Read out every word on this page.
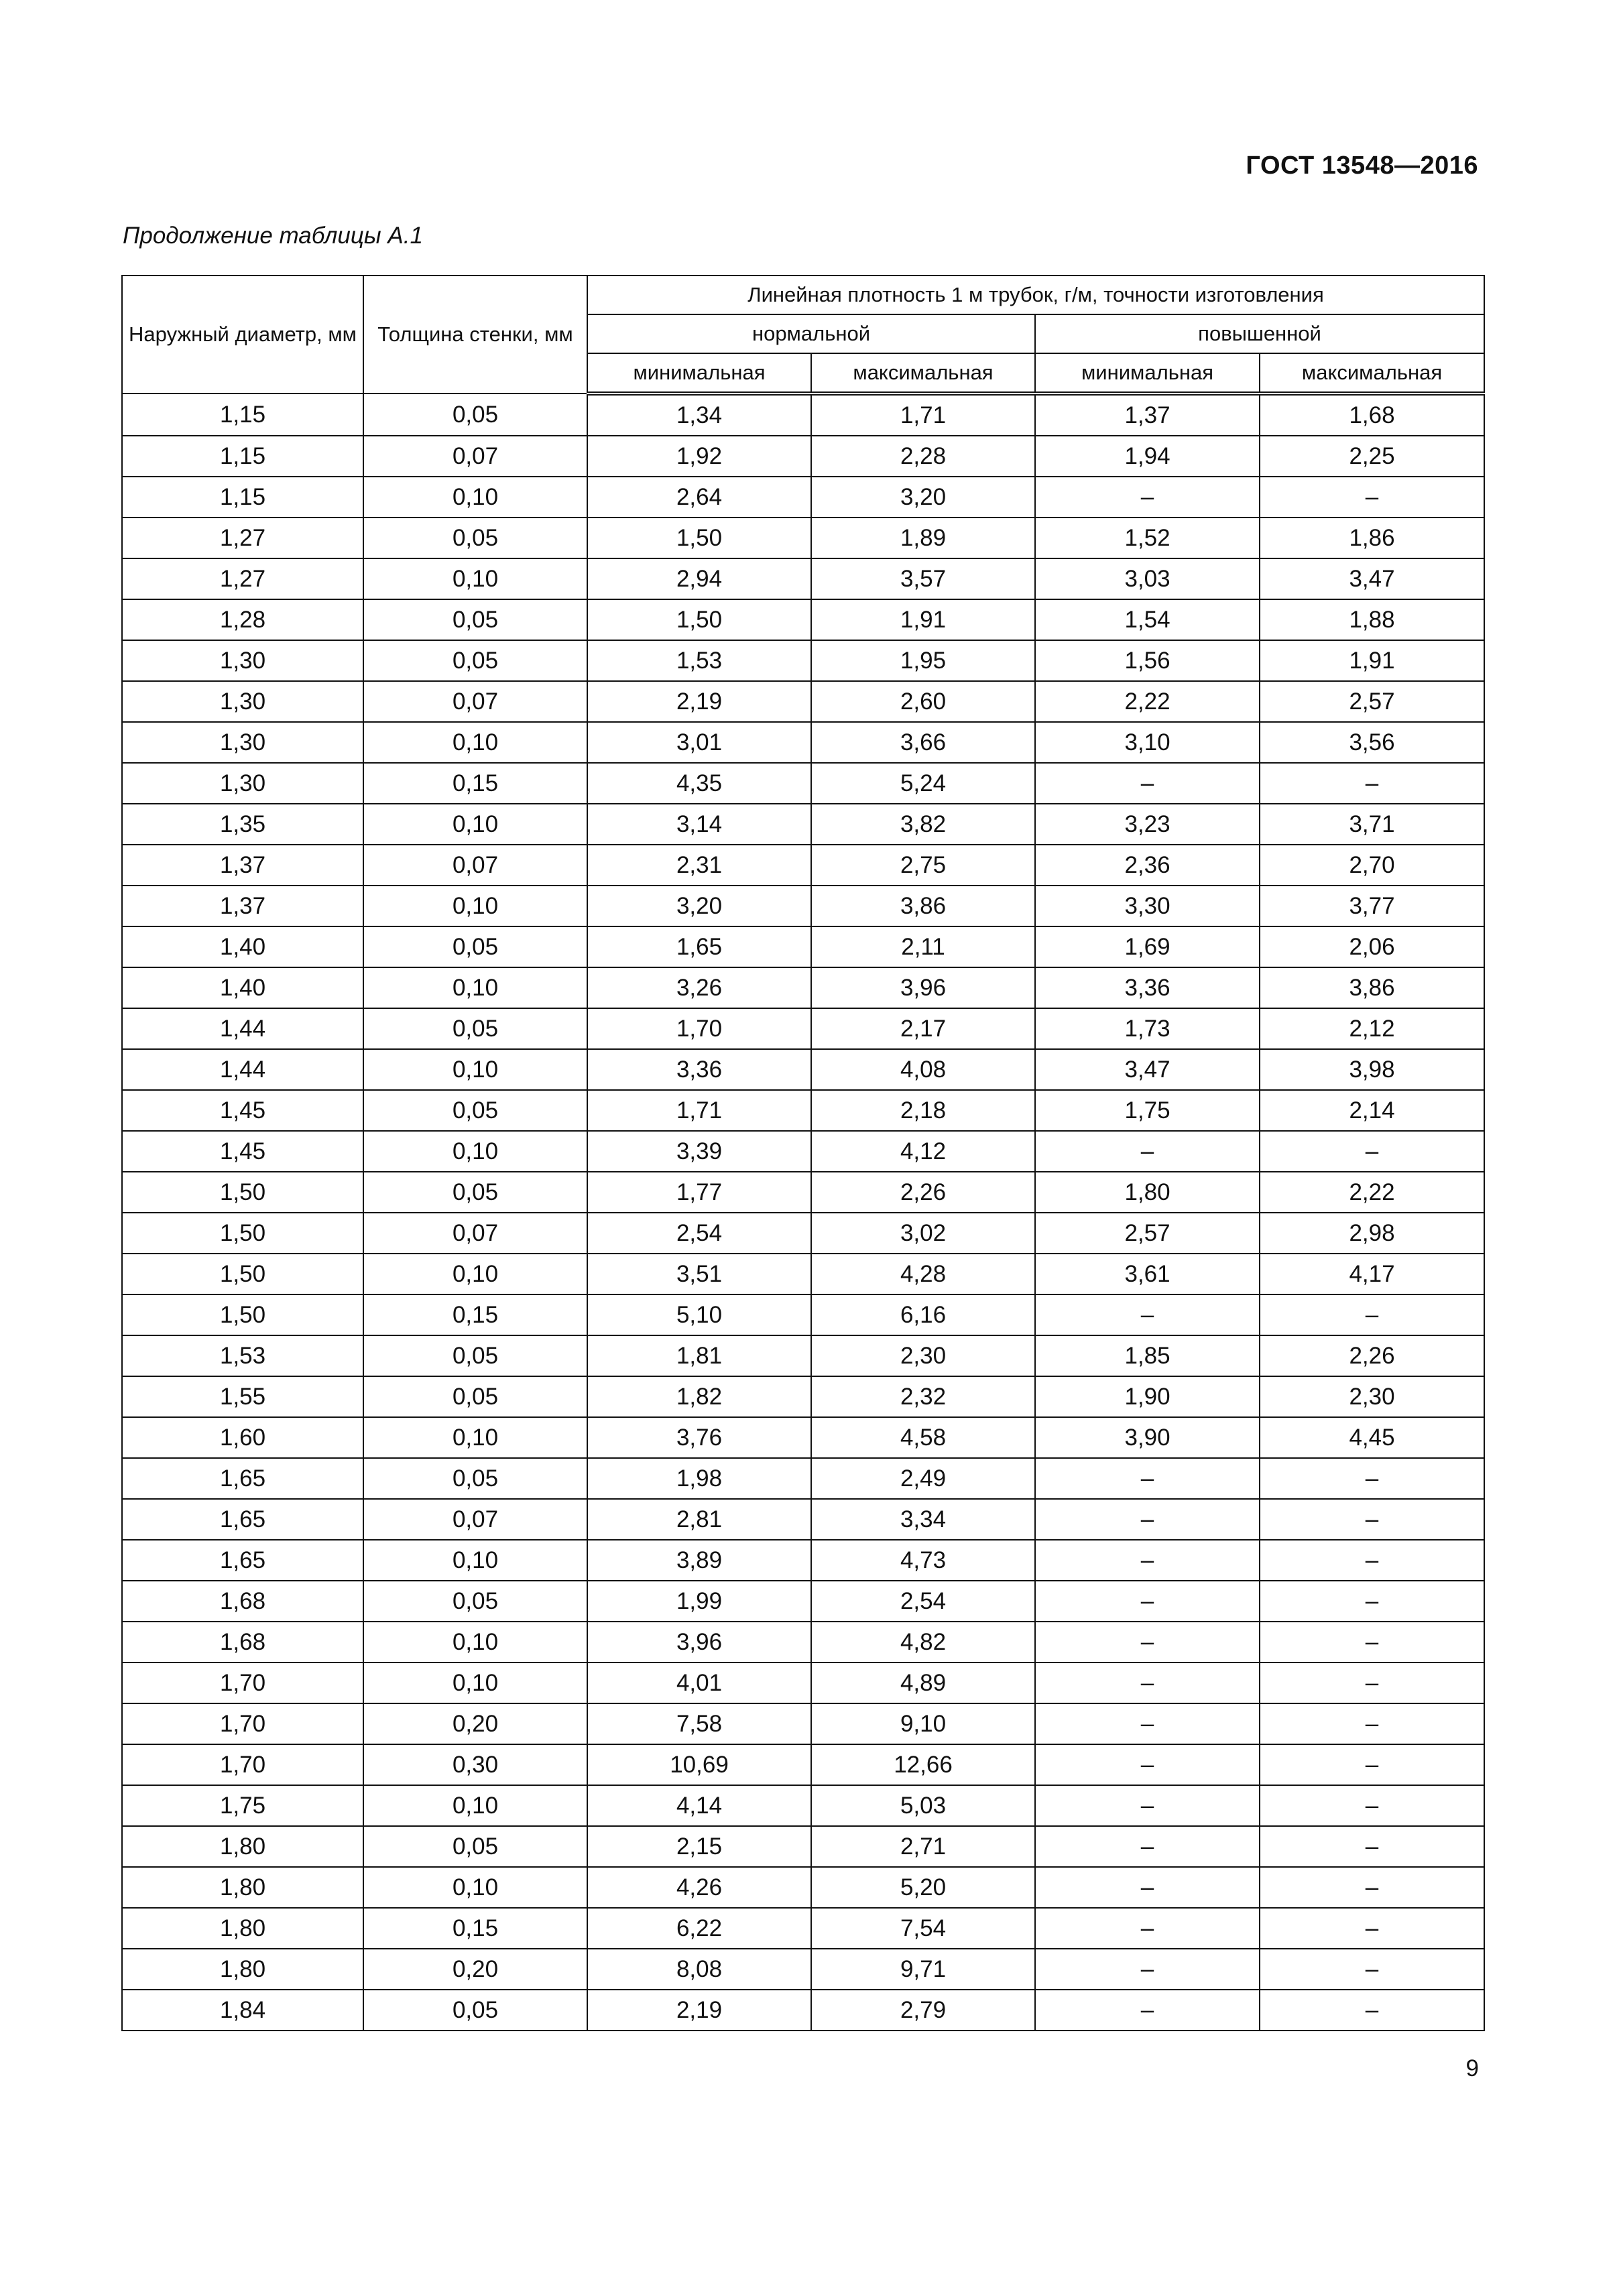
ГОСТ 13548—2016
Продолжение таблицы А.1
Наружный диаметр, мм	Толщина стенки, мм	Линейная плотность 1 м трубок, г/м, точности изготовления			
		нормальной		повышенной	
		минимальная	максимальная	минимальная	максимальная
1,15	0,05	1,34	1,71	1,37	1,68
1,15	0,07	1,92	2,28	1,94	2,25
1,15	0,10	2,64	3,20	–	–
1,27	0,05	1,50	1,89	1,52	1,86
1,27	0,10	2,94	3,57	3,03	3,47
1,28	0,05	1,50	1,91	1,54	1,88
1,30	0,05	1,53	1,95	1,56	1,91
1,30	0,07	2,19	2,60	2,22	2,57
1,30	0,10	3,01	3,66	3,10	3,56
1,30	0,15	4,35	5,24	–	–
1,35	0,10	3,14	3,82	3,23	3,71
1,37	0,07	2,31	2,75	2,36	2,70
1,37	0,10	3,20	3,86	3,30	3,77
1,40	0,05	1,65	2,11	1,69	2,06
1,40	0,10	3,26	3,96	3,36	3,86
1,44	0,05	1,70	2,17	1,73	2,12
1,44	0,10	3,36	4,08	3,47	3,98
1,45	0,05	1,71	2,18	1,75	2,14
1,45	0,10	3,39	4,12	–	–
1,50	0,05	1,77	2,26	1,80	2,22
1,50	0,07	2,54	3,02	2,57	2,98
1,50	0,10	3,51	4,28	3,61	4,17
1,50	0,15	5,10	6,16	–	–
1,53	0,05	1,81	2,30	1,85	2,26
1,55	0,05	1,82	2,32	1,90	2,30
1,60	0,10	3,76	4,58	3,90	4,45
1,65	0,05	1,98	2,49	–	–
1,65	0,07	2,81	3,34	–	–
1,65	0,10	3,89	4,73	–	–
1,68	0,05	1,99	2,54	–	–
1,68	0,10	3,96	4,82	–	–
1,70	0,10	4,01	4,89	–	–
1,70	0,20	7,58	9,10	–	–
1,70	0,30	10,69	12,66	–	–
1,75	0,10	4,14	5,03	–	–
1,80	0,05	2,15	2,71	–	–
1,80	0,10	4,26	5,20	–	–
1,80	0,15	6,22	7,54	–	–
1,80	0,20	8,08	9,71	–	–
1,84	0,05	2,19	2,79	–	–
9
